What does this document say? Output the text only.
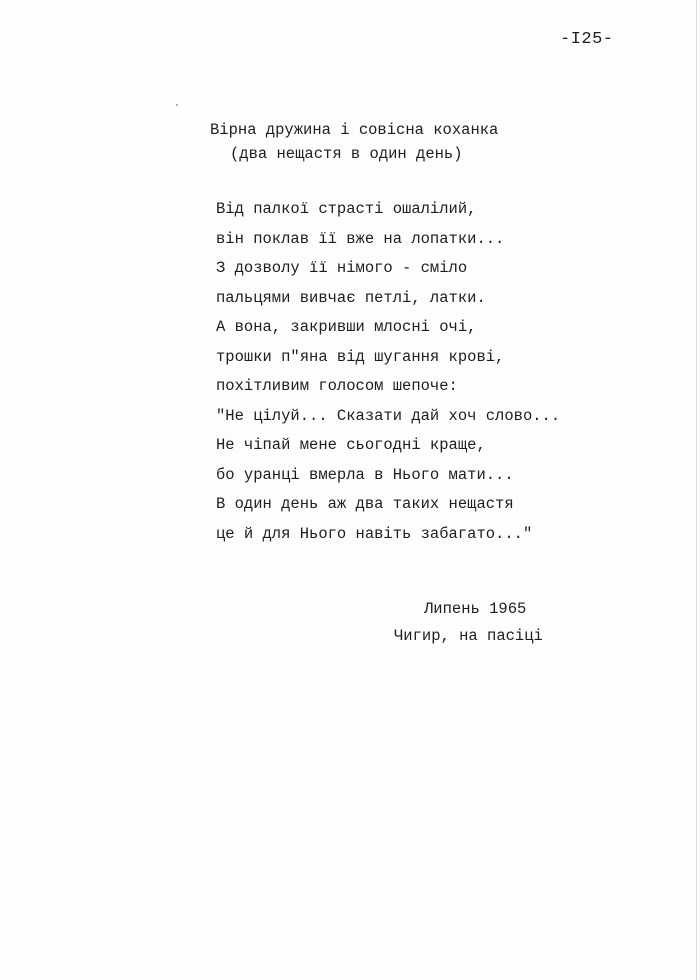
-I25-
Вірна дружина і совісна коханка
(два нещастя в один день)
Від палкої страсті ошалілий,
він поклав її вже на лопатки...
З дозволу її німого - сміло
пальцями вивчає петлі, латки.
А вона, закривши млосні очі,
трошки п"яна від шугання крові,
похітливим голосом шепоче:
"Не цілуй... Сказати дай хоч слово...
Не чіпай мене сьогодні краще,
бо уранці вмерла в Нього мати...
В один день аж два таких нещастя
це й для Нього навіть забагато..."
Липень 1965
Чигир, на пасіці
